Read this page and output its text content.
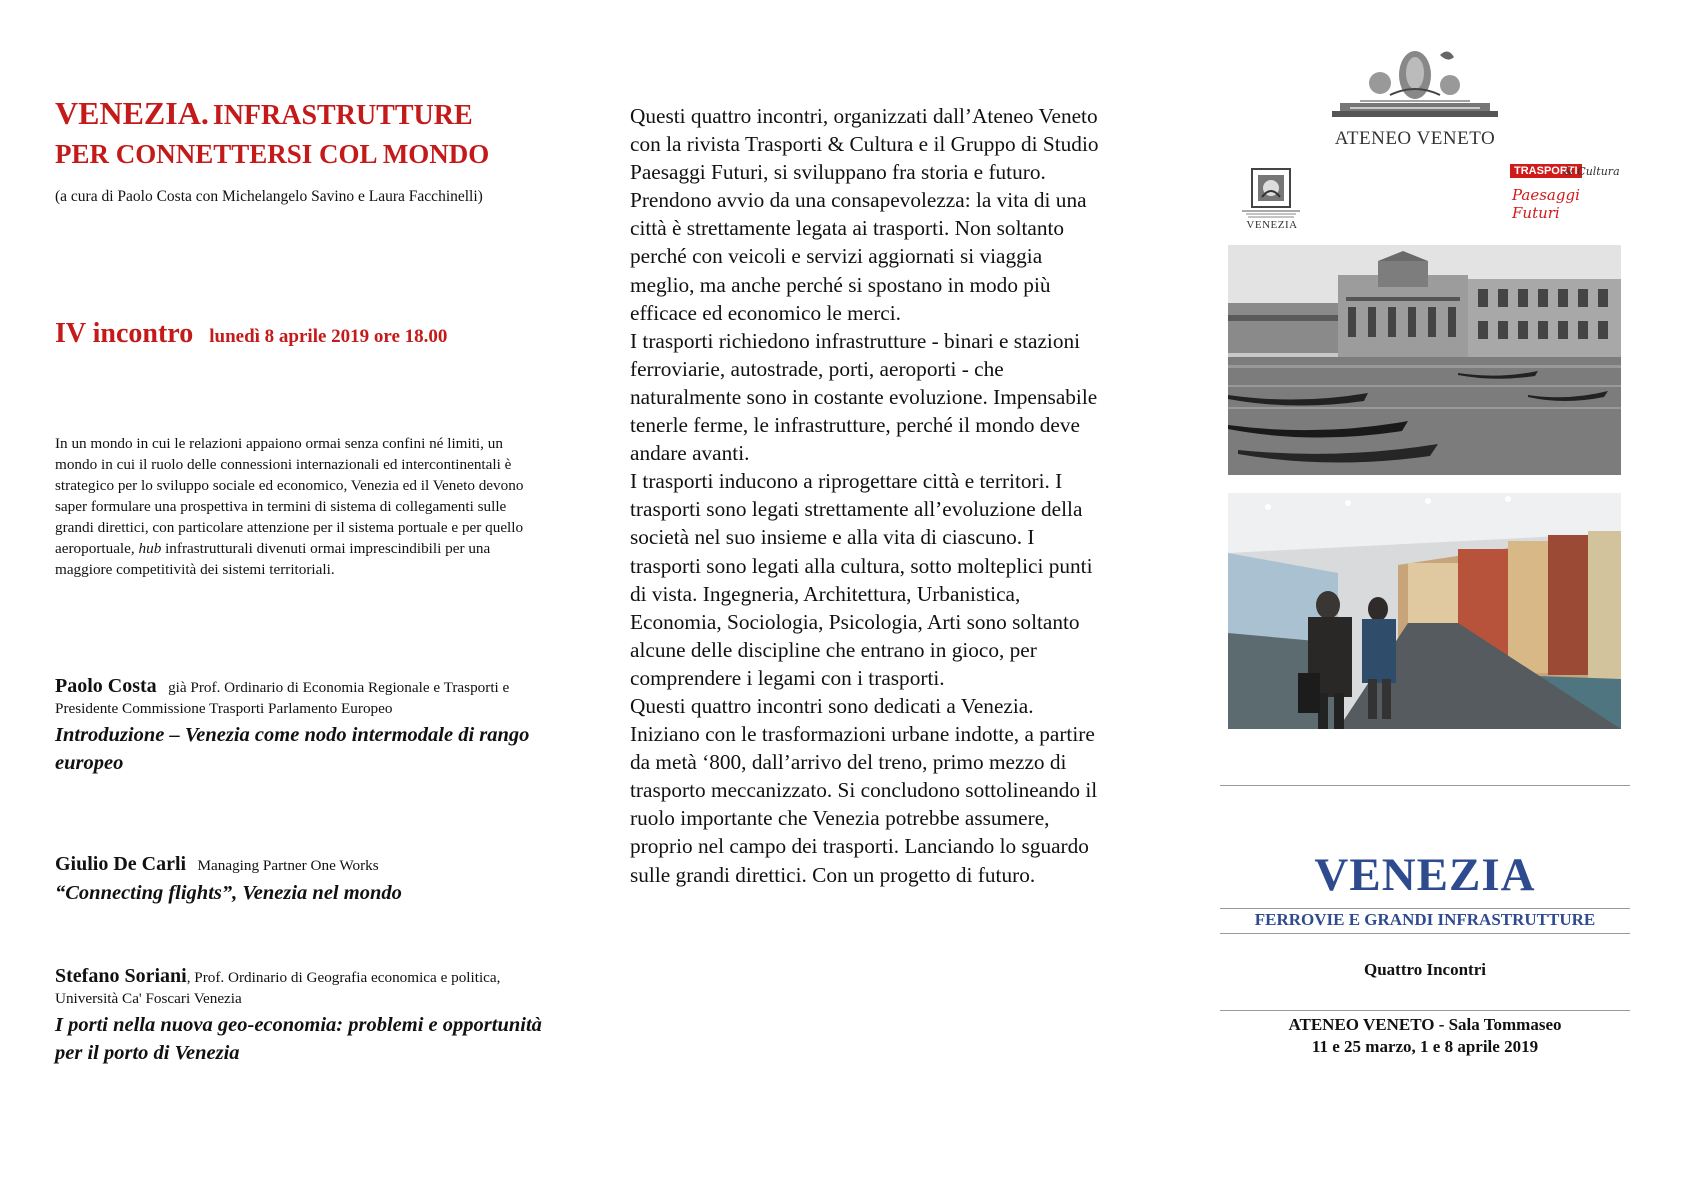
VENEZIA. INFRASTRUTTURE
PER CONNETTERSI COL MONDO
(a cura di Paolo Costa con Michelangelo Savino e Laura Facchinelli)
IV incontro lunedì 8 aprile 2019 ore 18.00
In un mondo in cui le relazioni appaiono ormai senza confini né limiti, un mondo in cui il ruolo delle connessioni internazionali ed intercontinentali è strategico per lo sviluppo sociale ed economico, Venezia ed il Veneto devono saper formulare una prospettiva in termini di sistema di collegamenti sulle grandi direttici, con particolare attenzione per il sistema portuale e per quello aeroportuale, hub infrastrutturali divenuti ormai imprescindibili per una maggiore competitività dei sistemi territoriali.
Paolo Costa già Prof. Ordinario di Economia Regionale e Trasporti e Presidente Commissione Trasporti Parlamento Europeo
Introduzione – Venezia come nodo intermodale di rango europeo
Giulio De Carli Managing Partner One Works
“Connecting flights”, Venezia nel mondo
Stefano Soriani, Prof. Ordinario di Geografia economica e politica, Università Ca' Foscari Venezia
I porti nella nuova geo-economia: problemi e opportunità per il porto di Venezia

Questi quattro incontri, organizzati dall’Ateneo Veneto con la rivista Trasporti & Cultura e il Gruppo di Studio Paesaggi Futuri, si sviluppano fra storia e futuro.

Prendono avvio da una consapevolezza: la vita di una città è strettamente legata ai trasporti. Non soltanto perché con veicoli e servizi aggiornati si viaggia meglio, ma anche perché si spostano in modo più efficace ed economico le merci.

I trasporti richiedono infrastrutture - binari e stazioni ferroviarie, autostrade, porti, aeroporti - che naturalmente sono in costante evoluzione. Impensabile tenerle ferme, le infrastrutture, perché il mondo deve andare avanti.

I trasporti inducono a riprogettare città e territori. I trasporti sono legati strettamente all’evoluzione della società nel suo insieme e alla vita di ciascuno. I trasporti sono legati alla cultura, sotto molteplici punti di vista. Ingegneria, Architettura, Urbanistica, Economia, Sociologia, Psicologia, Arti sono soltanto alcune delle discipline che entrano in gioco, per comprendere i legami con i trasporti.

Questi quattro incontri sono dedicati a Venezia. Iniziano con le trasformazioni urbane indotte, a partire da metà ‘800, dall’arrivo del treno, primo mezzo di trasporto meccanizzato. Si concludono sottolineando il ruolo importante che Venezia potrebbe assumere, proprio nel campo dei trasporti. Lanciando lo sguardo sulle grandi direttici. Con un progetto di futuro.

ATENEO VENETO
VENEZIA
TRASPORTI
& Cultura
Paesaggi Futuri
VENEZIA
FERROVIE E GRANDI INFRASTRUTTURE
Quattro Incontri
ATENEO VENETO - Sala Tommaseo
11 e 25 marzo, 1 e 8 aprile 2019
